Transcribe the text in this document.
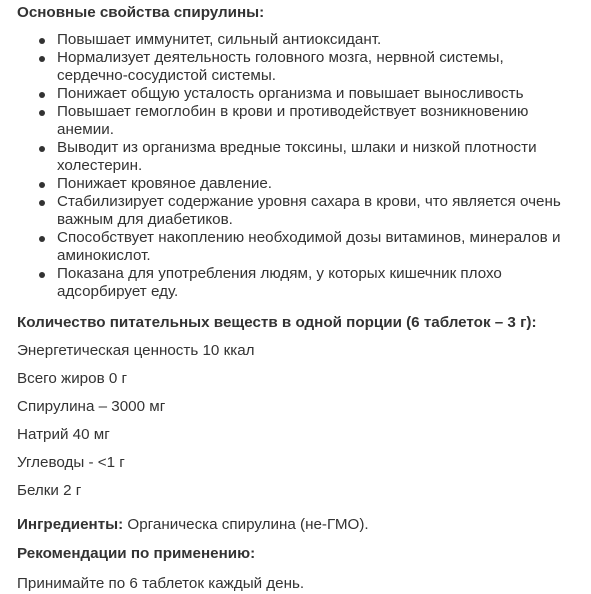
Основные свойства спирулины:

Повышает иммунитет, сильный антиоксидант.
Нормализует деятельность головного мозга, нервной системы, сердечно-сосудистой системы.
Понижает общую усталость организма и повышает выносливость
Повышает гемоглобин в крови и противодействует возникновению анемии.
Выводит из организма вредные токсины, шлаки и низкой плотности холестерин.
Понижает кровяное давление.
Стабилизирует содержание уровня сахара в крови, что является очень важным для диабетиков.
Способствует накоплению необходимой дозы витаминов, минералов и аминокислот.
Показана для употребления людям, у которых кишечник плохо адсорбирует еду.

Количество питательных веществ в одной порции (6 таблеток – 3 г):

Энергетическая ценность 10 ккал

Всего жиров 0 г

Спирулина – 3000 мг

Натрий 40 мг

Углеводы - <1 г

Белки 2 г

Ингредиенты: Органическа спирулина (не-ГМО).

Рекомендации по применению:

Принимайте по 6 таблеток каждый день.
